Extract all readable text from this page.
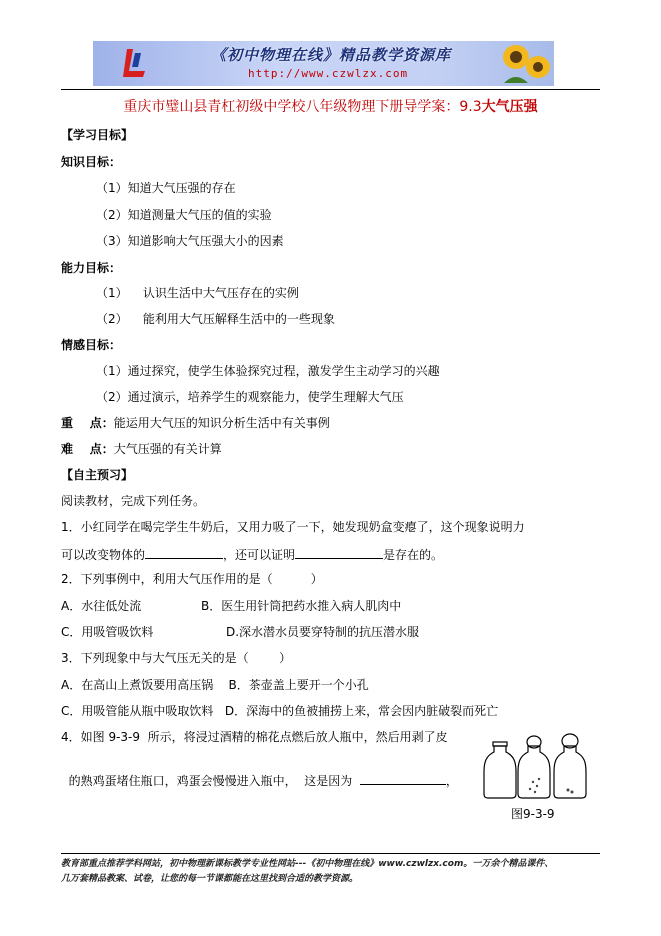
《初中物理在线》精品教学资源库
http://www.czwlzx.com
重庆市璧山县青杠初级中学校八年级物理下册导学案：9.3大气压强
【学习目标】
知识目标：
（1）知道大气压强的存在
（2）知道测量大气压的值的实验
（3）知道影响大气压强大小的因素
能力目标：
（1）    认识生活中大气压存在的实例
（2）    能利用大气压解释生活中的一些现象
情感目标：
（1）通过探究，使学生体验探究过程，激发学生主动学习的兴趣
（2）通过演示，培养学生的观察能力，使学生理解大气压
重    点：能运用大气压的知识分析生活中有关事例
难    点：大气压强的有关计算
【自主预习】
阅读教材，完成下列任务。
1．小红同学在喝完学生牛奶后，又用力吸了一下，她发现奶盒变瘪了，这个现象说明力
可以改变物体的	，还可以证明	是存在的。
2．下列事例中，利用大气压作用的是（          ）
A．水往低处流	B．医生用针筒把药水推入病人肌肉中
C．用吸管吸饮料	D.深水潜水员要穿特制的抗压潜水服
3．下列现象中与大气压无关的是（        ）
A．在高山上煮饭要用高压锅    B．茶壶盖上要开一个小孔
C．用吸管能从瓶中吸取饮料   D．深海中的鱼被捕捞上来，常会因内脏破裂而死亡
4．如图 9-3-9  所示，将浸过酒精的棉花点燃后放人瓶中，然后用剥了皮

的熟鸡蛋堵住瓶口，鸡蛋会慢慢进入瓶中，  这是因为	，

图9-3-9
教育部重点推荐学科网站，初中物理新课标教学专业性网站---《初中物理在线》www.czwlzx.com。一万余个精品课件、
几万套精品教案、试卷，让您的每一节课都能在这里找到合适的教学资源。
